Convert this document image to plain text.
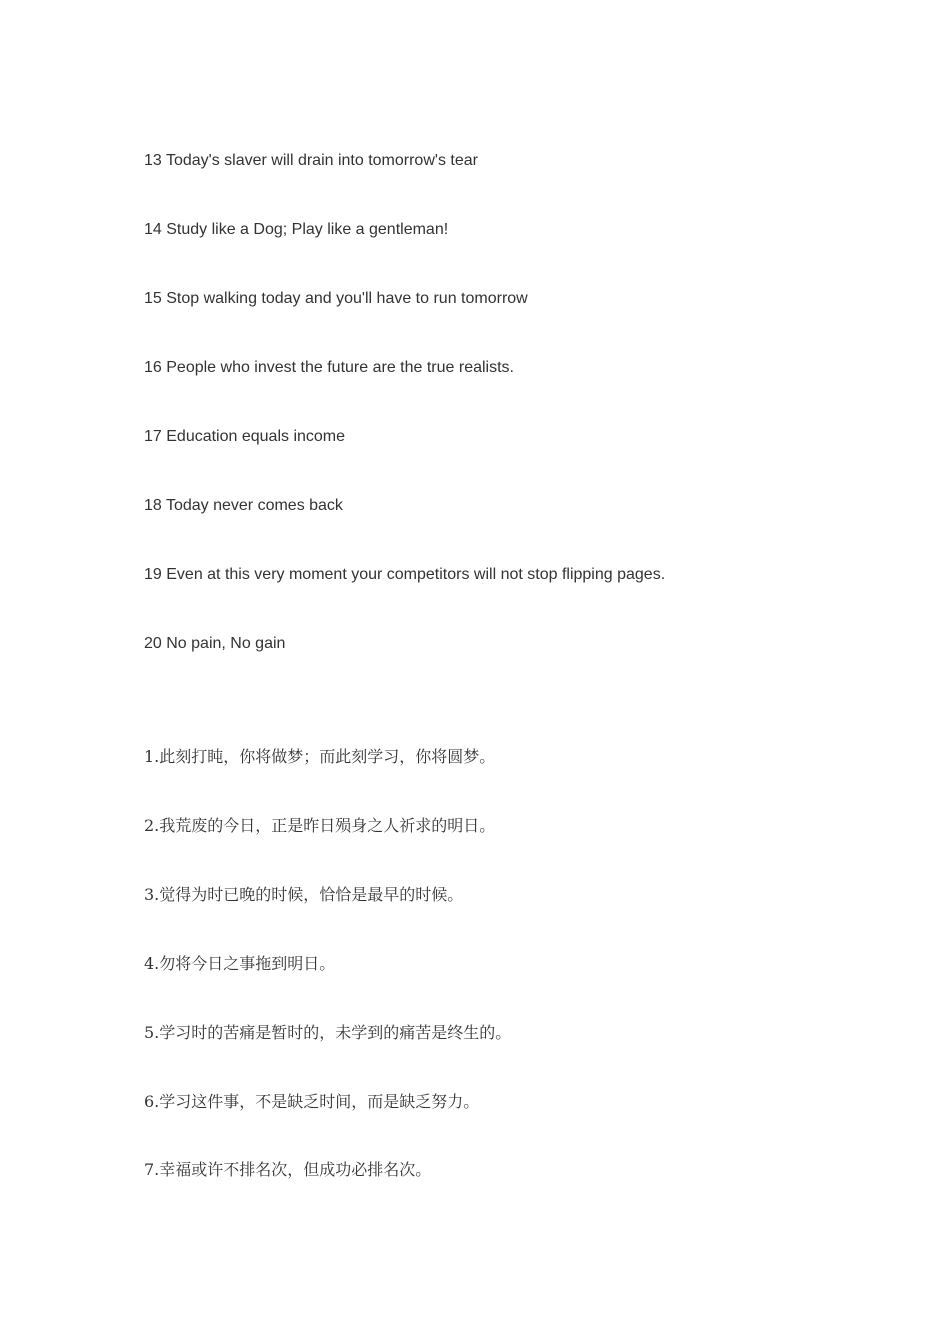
13 Today's slaver will drain into tomorrow's tear

14 Study like a Dog; Play like a gentleman!

15 Stop walking today and you'll have to run tomorrow

16 People who invest the future are the true realists.

17 Education equals income

18 Today never comes back

19 Even at this very moment your competitors will not stop flipping pages.

20 No pain, No gain

1.此刻打盹，你将做梦；而此刻学习，你将圆梦。

2.我荒废的今日，正是昨日殒身之人祈求的明日。

3.觉得为时已晚的时候，恰恰是最早的时候。

4.勿将今日之事拖到明日。

5.学习时的苦痛是暂时的，未学到的痛苦是终生的。

6.学习这件事，不是缺乏时间，而是缺乏努力。

7.幸福或许不排名次，但成功必排名次。
